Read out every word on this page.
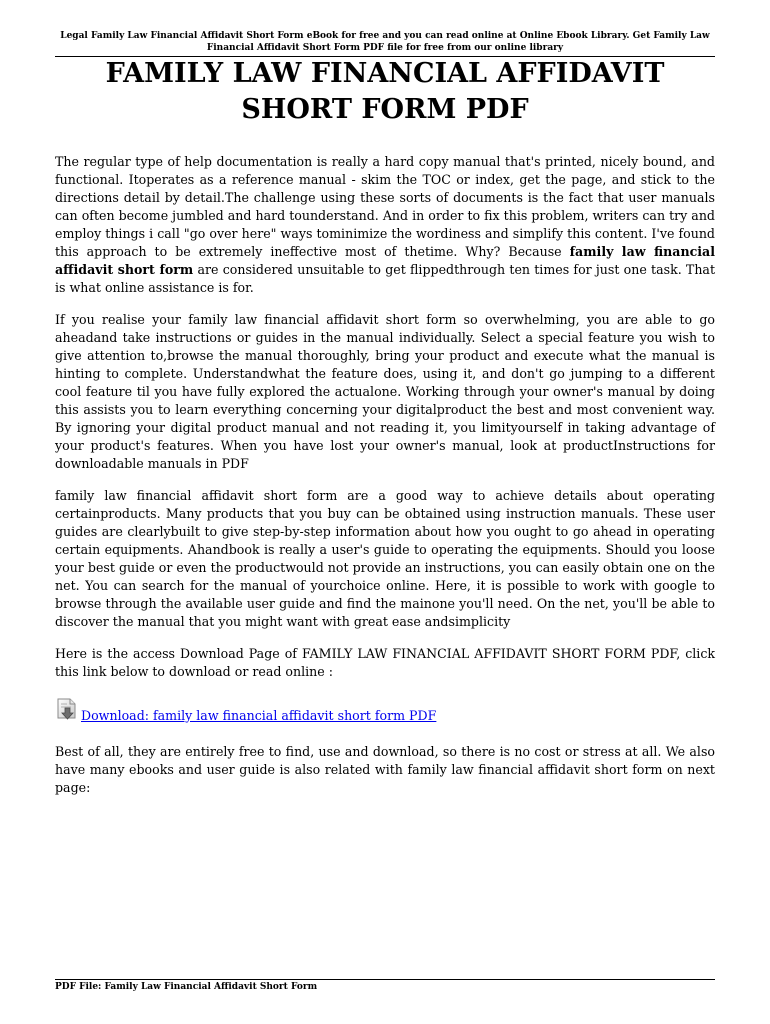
Legal Family Law Financial Affidavit Short Form eBook for free and you can read online at Online Ebook Library. Get Family Law Financial Affidavit Short Form PDF file for free from our online library
FAMILY LAW FINANCIAL AFFIDAVIT SHORT FORM PDF

The regular type of help documentation is really a hard copy manual that's printed, nicely bound, and functional. Itoperates as a reference manual - skim the TOC or index, get the page, and stick to the directions detail by detail.The challenge using these sorts of documents is the fact that user manuals can often become jumbled and hard tounderstand. And in order to fix this problem, writers can try and employ things i call "go over here" ways tominimize the wordiness and simplify this content. I've found this approach to be extremely ineffective most of thetime. Why? Because family law financial affidavit short form are considered unsuitable to get flippedthrough ten times for just one task. That is what online assistance is for.

If you realise your family law financial affidavit short form so overwhelming, you are able to go aheadand take instructions or guides in the manual individually. Select a special feature you wish to give attention to,browse the manual thoroughly, bring your product and execute what the manual is hinting to complete. Understandwhat the feature does, using it, and don't go jumping to a different cool feature til you have fully explored the actualone. Working through your owner's manual by doing this assists you to learn everything concerning your digitalproduct the best and most convenient way. By ignoring your digital product manual and not reading it, you limityourself in taking advantage of your product's features. When you have lost your owner's manual, look at productInstructions for downloadable manuals in PDF

family law financial affidavit short form are a good way to achieve details about operating certainproducts. Many products that you buy can be obtained using instruction manuals. These user guides are clearlybuilt to give step-by-step information about how you ought to go ahead in operating certain equipments. Ahandbook is really a user's guide to operating the equipments. Should you loose your best guide or even the productwould not provide an instructions, you can easily obtain one on the net. You can search for the manual of yourchoice online. Here, it is possible to work with google to browse through the available user guide and find the mainone you'll need. On the net, you'll be able to discover the manual that you might want with great ease andsimplicity

Here is the access Download Page of FAMILY LAW FINANCIAL AFFIDAVIT SHORT FORM PDF, click this link below to download or read online :

Download: family law financial affidavit short form PDF

Best of all, they are entirely free to find, use and download, so there is no cost or stress at all. We also have many ebooks and user guide is also related with family law financial affidavit short form on next page:

PDF File: Family Law Financial Affidavit Short Form
